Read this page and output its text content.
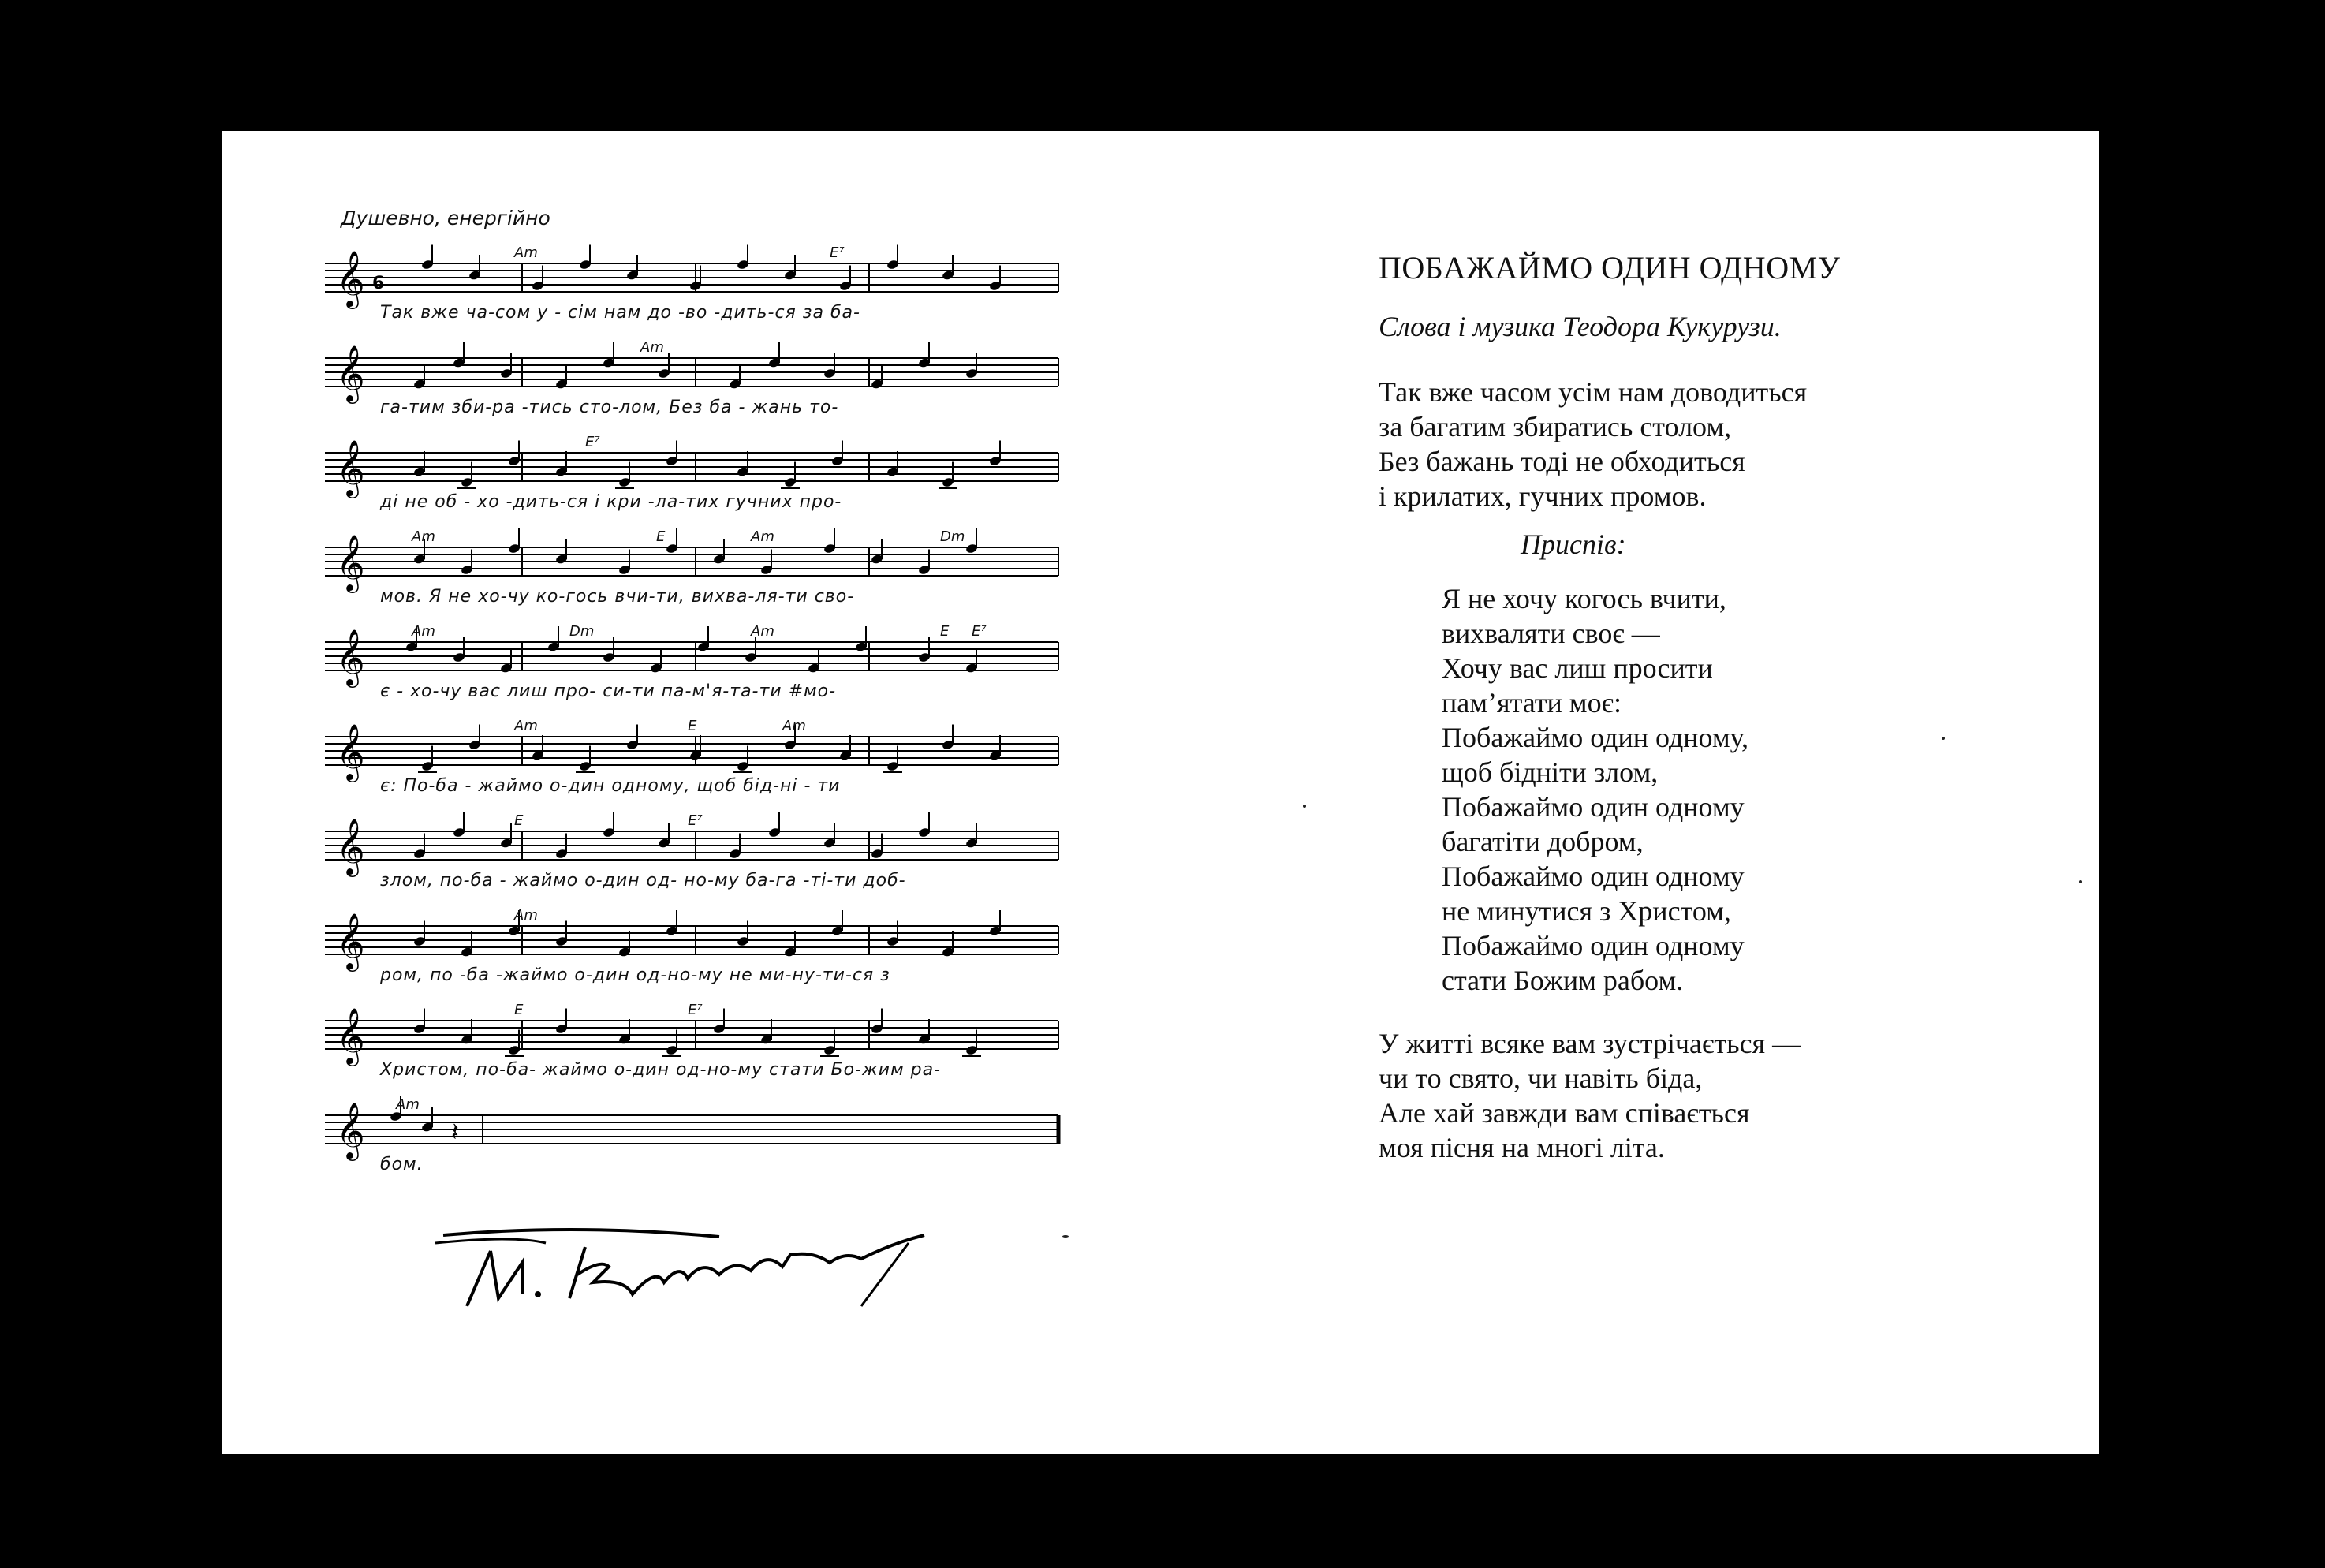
Душевно, енергійно
𝄞 6
Am	E⁷
Так вже ча-сом у - сім нам до -во -дить-ся за ба-
𝄞	Am
га-тим зби-ра -тись сто-лом, Без ба - жань то-
𝄞	E⁷
ді не об - хо -дить-ся і кри -ла-тих гучних про-
𝄞	Am	E	Am	Dm
мов. Я не хо-чу ко-гось вчи-ти, вихва-ля-ти сво-
𝄞	Am	Dm	Am	E E⁷
є - хо-чу вас лиш про- си-ти па-м'я-та-ти #мо-
𝄞	Am	E	Am
є: По-ба - жаймо о-дин одному, щоб бід-ні - ти
𝄞	E	E⁷
злом, по-ба - жаймо о-дин од- но-му ба-га -ті-ти доб-
𝄞	Am
ром, по -ба -жаймо о-дин од-но-му не ми-ну-ти-ся з
𝄞	E	E⁷
Христом, по-ба- жаймо о-дин од-но-му стати Бо-жим ра-
𝄞	𝄽
Am
бом.
ПОБАЖАЙМО ОДИН ОДНОМУ
Слова і музика Теодора Кукурузи.
Так вже часом усім нам доводиться
за багатим збиратись столом,
Без бажань тоді не обходиться
і крилатих, гучних промов.
Приспів:
Я не хочу когось вчити,
вихваляти своє —
Хочу вас лиш просити
пам’ятати моє:
Побажаймо один одному,
щоб бідніти злом,
Побажаймо один одному
багатіти добром,
Побажаймо один одному
не минутися з Христом,
Побажаймо один одному
стати Божим рабом.
У житті всяке вам зустрічається —
чи то свято, чи навіть біда,
Але хай завжди вам співається
моя пісня на многі літа.
